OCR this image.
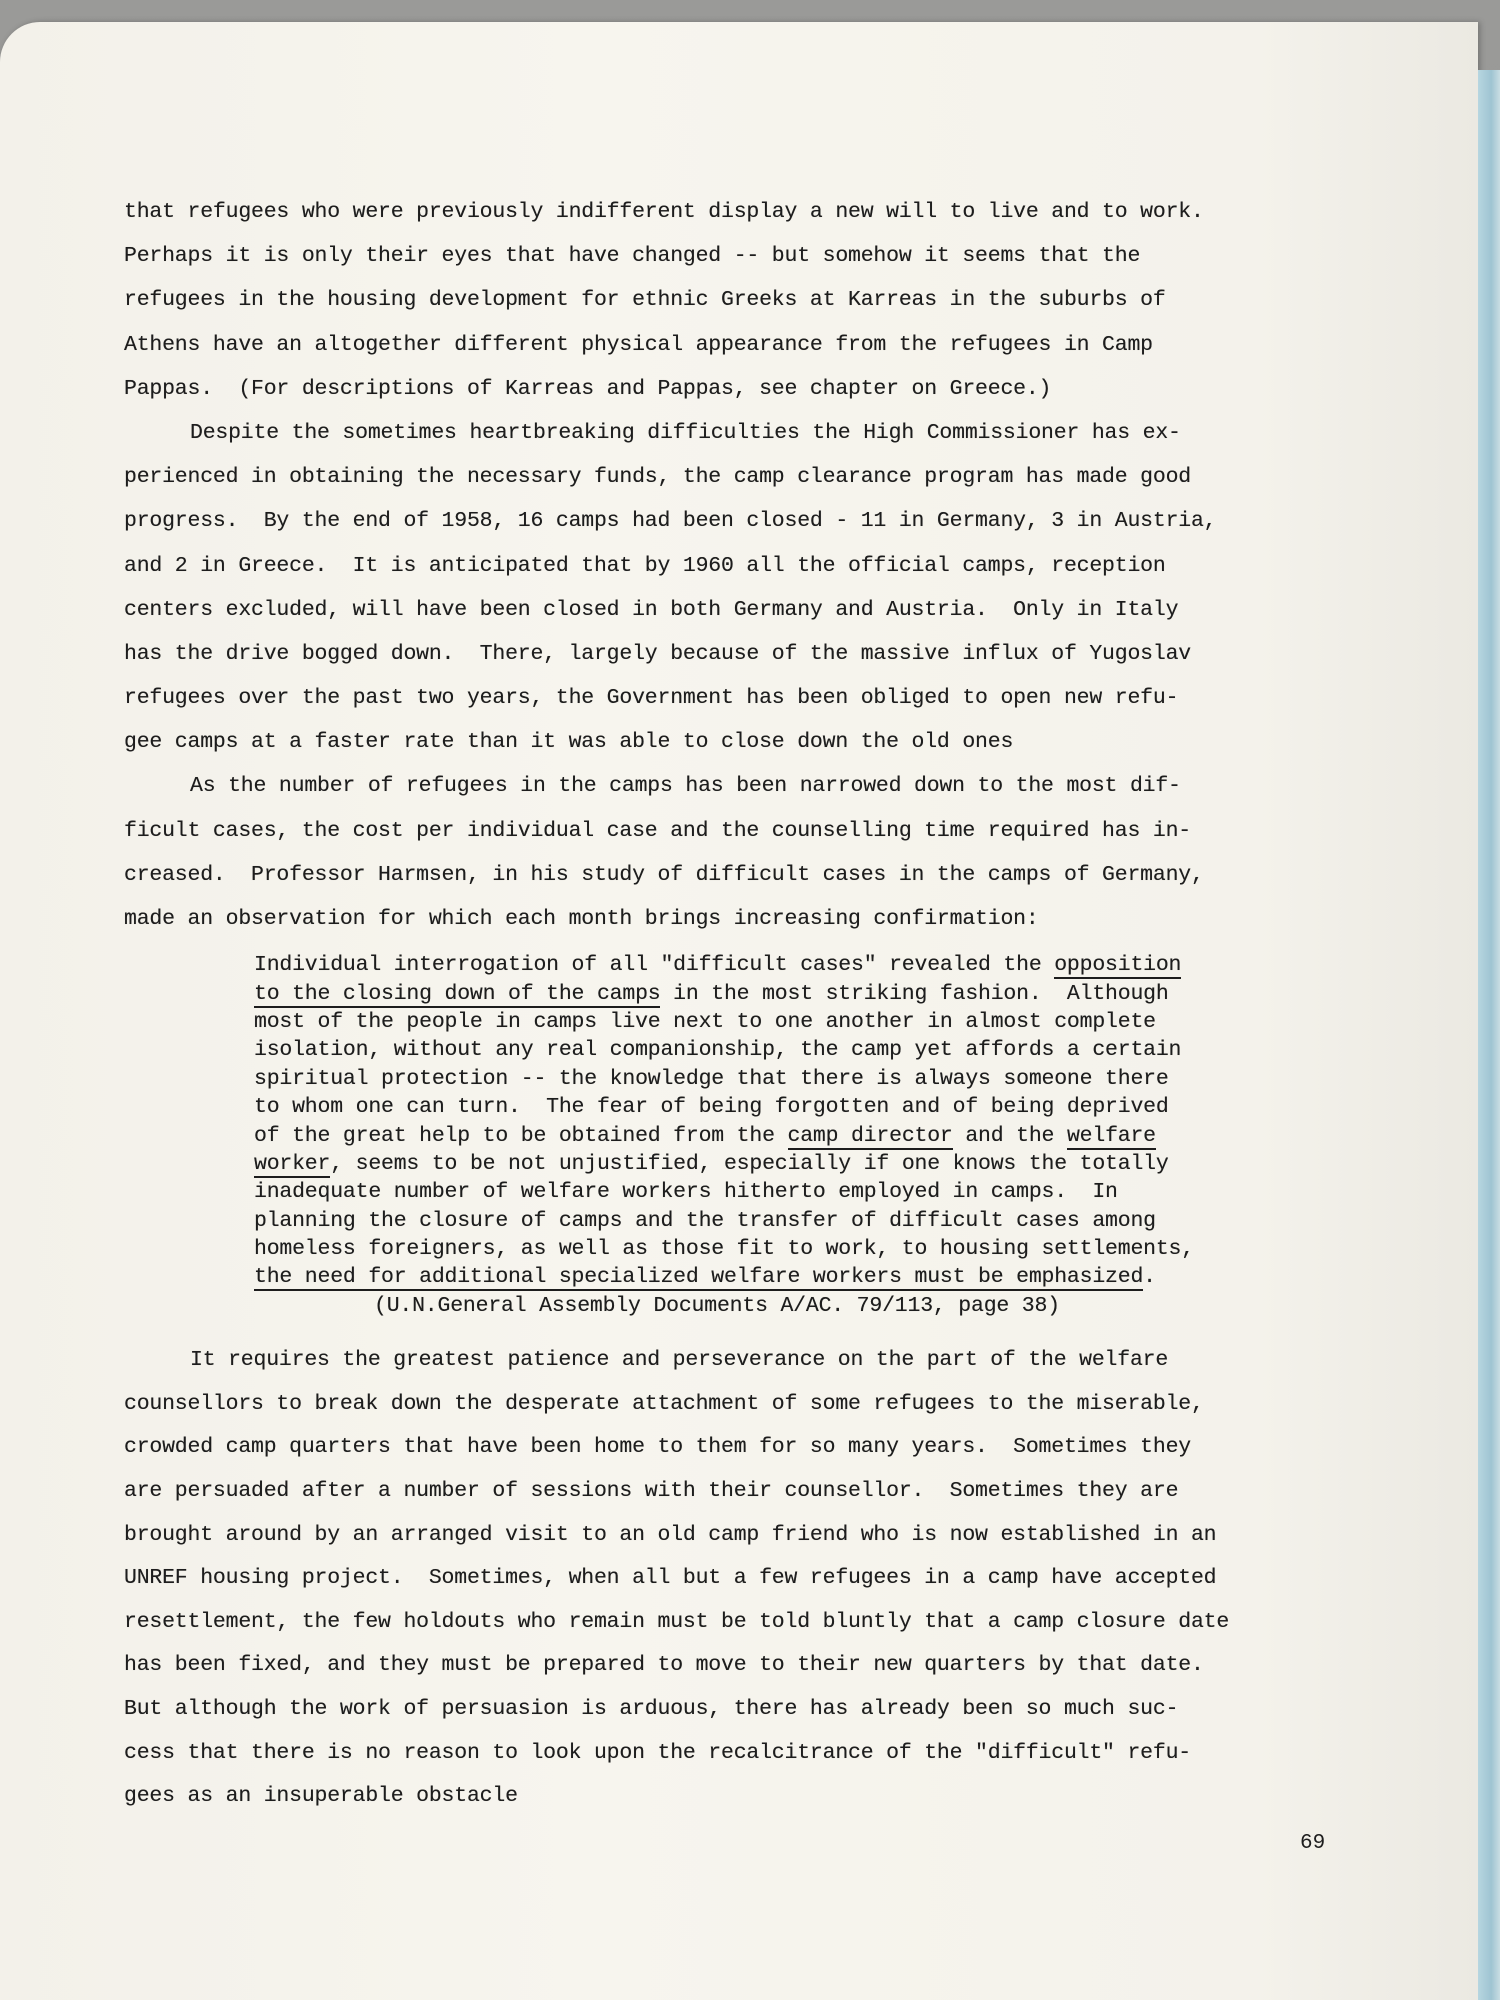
that refugees who were previously indifferent display a new will to live and to work.
Perhaps it is only their eyes that have changed -- but somehow it seems that the
refugees in the housing development for ethnic Greeks at Karreas in the suburbs of
Athens have an altogether different physical appearance from the refugees in Camp
Pappas.  (For descriptions of Karreas and Pappas, see chapter on Greece.)
Despite the sometimes heartbreaking difficulties the High Commissioner has ex-
perienced in obtaining the necessary funds, the camp clearance program has made good
progress.  By the end of 1958, 16 camps had been closed - 11 in Germany, 3 in Austria,
and 2 in Greece.  It is anticipated that by 1960 all the official camps, reception
centers excluded, will have been closed in both Germany and Austria.  Only in Italy
has the drive bogged down.  There, largely because of the massive influx of Yugoslav
refugees over the past two years, the Government has been obliged to open new refu-
gee camps at a faster rate than it was able to close down the old ones
As the number of refugees in the camps has been narrowed down to the most dif-
ficult cases, the cost per individual case and the counselling time required has in-
creased.  Professor Harmsen, in his study of difficult cases in the camps of Germany,
made an observation for which each month brings increasing confirmation:
Individual interrogation of all "difficult cases" revealed the opposition
to the closing down of the camps in the most striking fashion.  Although
most of the people in camps live next to one another in almost complete
isolation, without any real companionship, the camp yet affords a certain
spiritual protection -- the knowledge that there is always someone there
to whom one can turn.  The fear of being forgotten and of being deprived
of the great help to be obtained from the camp director and the welfare
worker, seems to be not unjustified, especially if one knows the totally
inadequate number of welfare workers hitherto employed in camps.  In
planning the closure of camps and the transfer of difficult cases among
homeless foreigners, as well as those fit to work, to housing settlements,
the need for additional specialized welfare workers must be emphasized.
(U.N.General Assembly Documents A/AC. 79/113, page 38)
It requires the greatest patience and perseverance on the part of the welfare
counsellors to break down the desperate attachment of some refugees to the miserable,
crowded camp quarters that have been home to them for so many years.  Sometimes they
are persuaded after a number of sessions with their counsellor.  Sometimes they are
brought around by an arranged visit to an old camp friend who is now established in an
UNREF housing project.  Sometimes, when all but a few refugees in a camp have accepted
resettlement, the few holdouts who remain must be told bluntly that a camp closure date
has been fixed, and they must be prepared to move to their new quarters by that date.
But although the work of persuasion is arduous, there has already been so much suc-
cess that there is no reason to look upon the recalcitrance of the "difficult" refu-
gees as an insuperable obstacle
69
